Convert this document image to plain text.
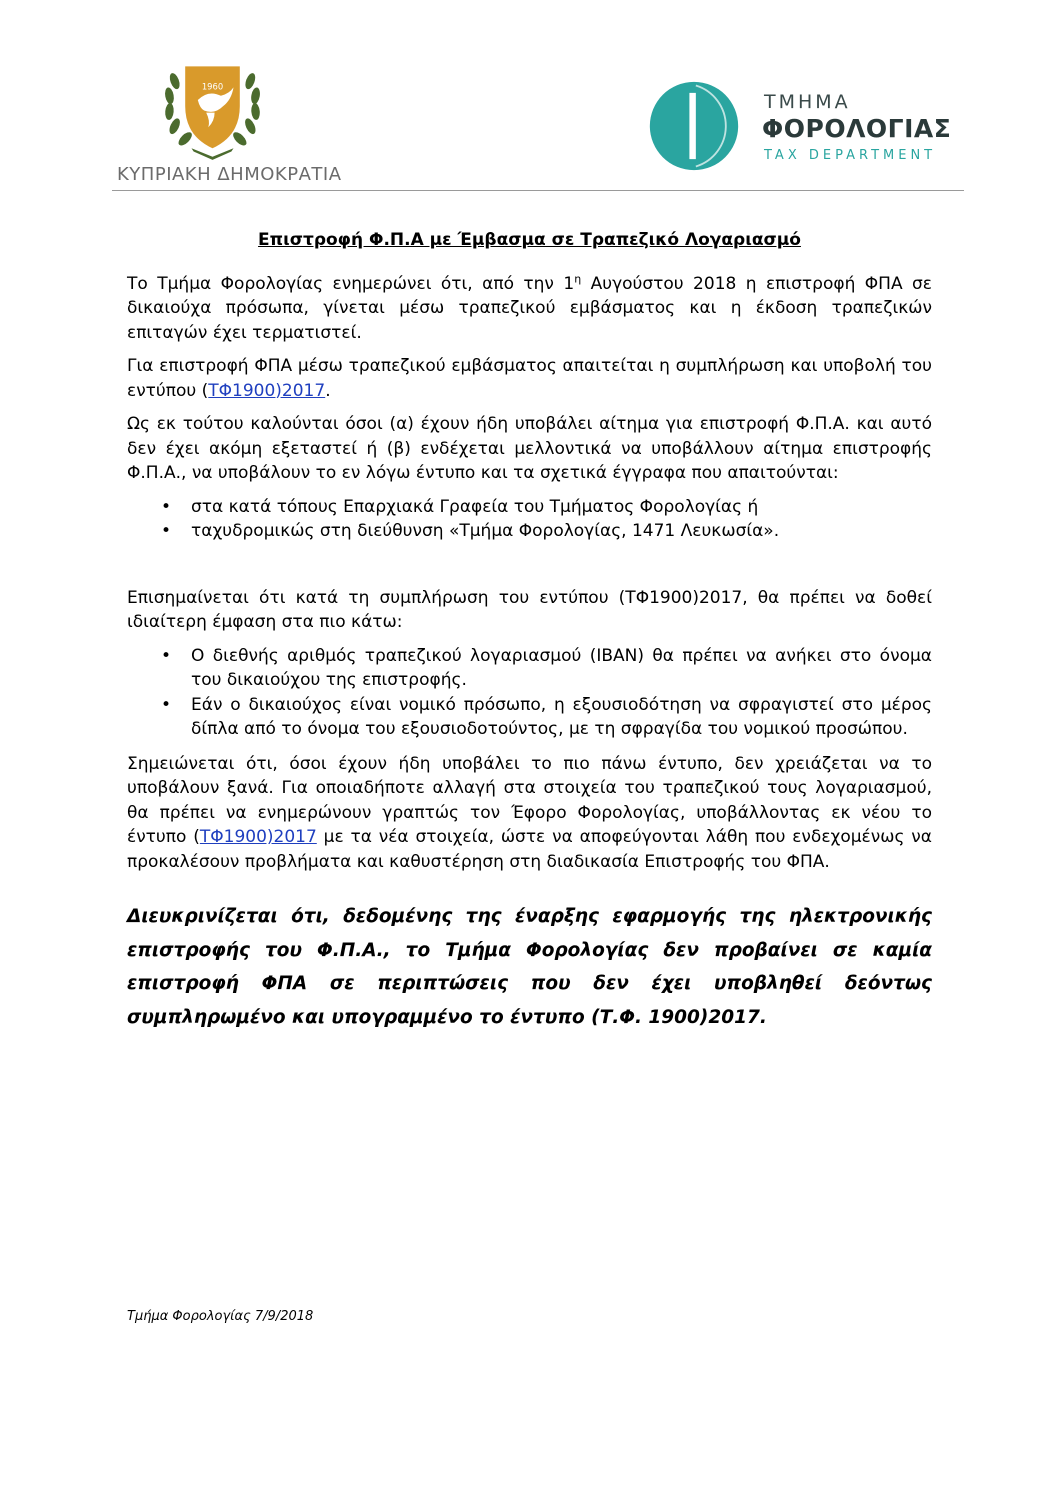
1960
ΚΥΠΡΙΑΚΗ ΔΗΜΟΚΡΑΤΙΑ
ΤΜΗΜΑ
ΦΟΡΟΛΟΓΙΑΣ
TAX DEPARTMENT
Επιστροφή Φ.Π.Α με Έμβασμα σε Τραπεζικό Λογαριασμό

Το Τμήμα Φορολογίας ενημερώνει ότι, από την $1^\eta$ Αυγούστου 2018 η επιστροφή ΦΠΑ σε δικαιούχα πρόσωπα, γίνεται μέσω τραπεζικού εμβάσματος και η έκδοση τραπεζικών επιταγών έχει τερματιστεί.

Για επιστροφή ΦΠΑ μέσω τραπεζικού εμβάσματος απαιτείται η συμπλήρωση και υποβολή του εντύπου (ΤΦ1900)2017.

Ως εκ τούτου καλούνται όσοι (α) έχουν ήδη υποβάλει αίτημα για επιστροφή Φ.Π.Α. και αυτό δεν έχει ακόμη εξεταστεί ή (β) ενδέχεται μελλοντικά να υποβάλλουν αίτημα επιστροφής Φ.Π.Α., να υποβάλουν το εν λόγω έντυπο και τα σχετικά έγγραφα που απαιτούνται:

• στα κατά τόπους Επαρχιακά Γραφεία του Τμήματος Φορολογίας ή
• ταχυδρομικώς στη διεύθυνση «Τμήμα Φορολογίας, 1471 Λευκωσία».

Επισημαίνεται ότι κατά τη συμπλήρωση του εντύπου (ΤΦ1900)2017, θα πρέπει να δοθεί ιδιαίτερη έμφαση στα πιο κάτω:

• Ο διεθνής αριθμός τραπεζικού λογαριασμού (IBAN) θα πρέπει να ανήκει στο όνομα του δικαιούχου της επιστροφής.
• Εάν ο δικαιούχος είναι νομικό πρόσωπο, η εξουσιοδότηση να σφραγιστεί στο μέρος δίπλα από το όνομα του εξουσιοδοτούντος, με τη σφραγίδα του νομικού προσώπου.

Σημειώνεται ότι, όσοι έχουν ήδη υποβάλει το πιο πάνω έντυπο, δεν χρειάζεται να το υποβάλουν ξανά. Για οποιαδήποτε αλλαγή στα στοιχεία του τραπεζικού τους λογαριασμού, θα πρέπει να ενημερώνουν γραπτώς τον Έφορο Φορολογίας, υποβάλλοντας εκ νέου το έντυπο (ΤΦ1900)2017 με τα νέα στοιχεία, ώστε να αποφεύγονται λάθη που ενδεχομένως να προκαλέσουν προβλήματα και καθυστέρηση στη διαδικασία Επιστροφής του ΦΠΑ.

Διευκρινίζεται ότι, δεδομένης της έναρξης εφαρμογής της ηλεκτρονικής επιστροφής του Φ.Π.Α., το Τμήμα Φορολογίας δεν προβαίνει σε καμία επιστροφή ΦΠΑ σε περιπτώσεις που δεν έχει υποβληθεί δεόντως συμπληρωμένο και υπογραμμένο το έντυπο (Τ.Φ. 1900)2017.
Τμήμα Φορολογίας 7/9/2018
